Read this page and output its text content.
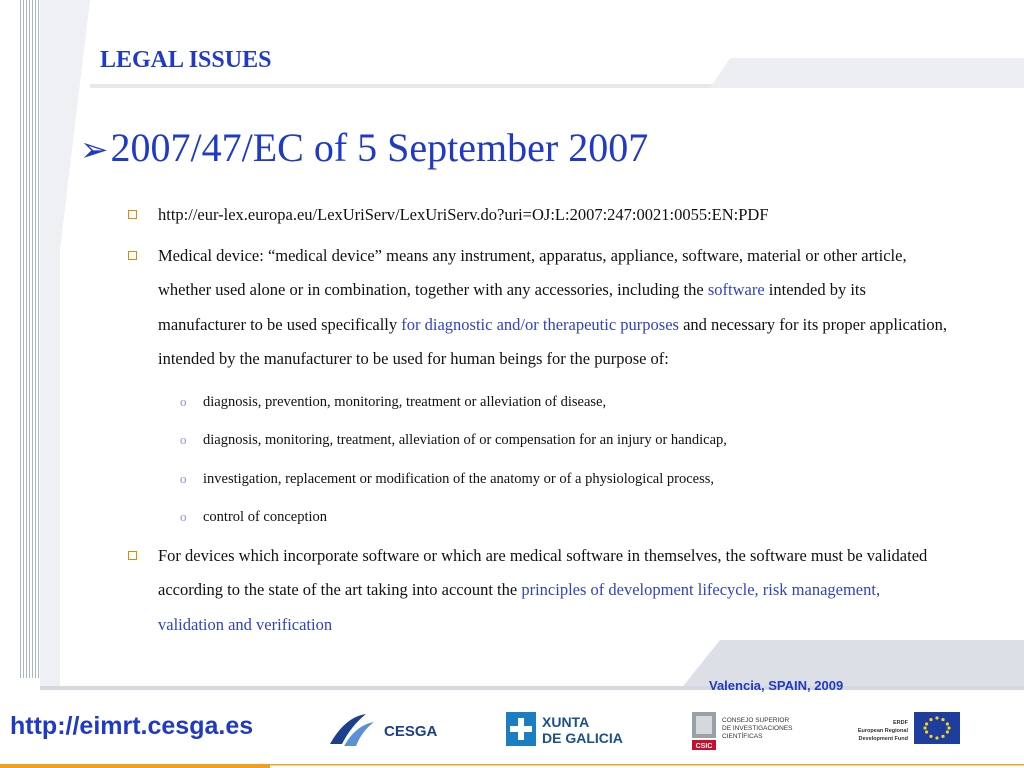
LEGAL ISSUES
➢2007/47/EC of 5 September 2007
http://eur-lex.europa.eu/LexUriServ/LexUriServ.do?uri=OJ:L:2007:247:0021:0055:EN:PDF
Medical device: “medical device” means any instrument, apparatus, appliance, software, material or other article, whether used alone or in combination, together with any accessories, including the software intended by its manufacturer to be used specifically for diagnostic and/or therapeutic purposes and necessary for its proper application, intended by the manufacturer to be used for human beings for the purpose of:
o diagnosis, prevention, monitoring, treatment or alleviation of disease,
o diagnosis, monitoring, treatment, alleviation of or compensation for an injury or handicap,
o investigation, replacement or modification of the anatomy or of a physiological process,
o control of conception
For devices which incorporate software or which are medical software in themselves, the software must be validated according to the state of the art taking into account the principles of development lifecycle, risk management, validation and verification
Valencia, SPAIN, 2009
http://eimrt.cesga.es	CESGA
XUNTA
DE GALICIA
CSIC
CONSEJO SUPERIOR
DE INVESTIGACIONES
CIENTÍFICAS
ERDF
European Regional
Development Fund
